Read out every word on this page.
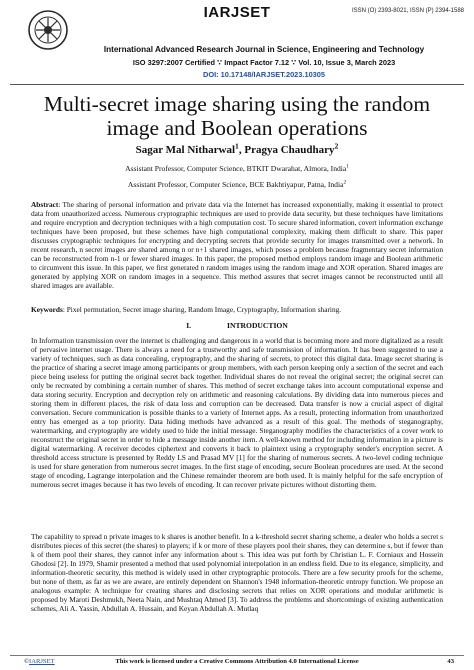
IARJSET	ISSN (O) 2393-8021, ISSN (P) 2394-1588
International Advanced Research Journal in Science, Engineering and Technology
ISO 3297:2007 Certified ∵ Impact Factor 7.12 ∵ Vol. 10, Issue 3, March 2023
DOI: 10.17148/IARJSET.2023.10305
Multi-secret image sharing using the random
image and Boolean operations
Sagar Mal Nitharwal$^1$, Pragya Chaudhary$^2$
Assistant Professor, Computer Science, BTKIT Dwarahat, Almora, India$^1$
Assistant Professor, Computer Science, BCE Bakhtiyapur, Patna, India$^2$
Abstract: The sharing of personal information and private data via the Internet has increased exponentially, making it essential to protect data from unauthorized access. Numerous cryptographic techniques are used to provide data security, but these techniques have limitations and require encryption and decryption techniques with a high computation cost. To secure shared information, covert information exchange techniques have been proposed, but these schemes have high computational complexity, making them difficult to share. This paper discusses cryptographic techniques for encrypting and decrypting secrets that provide security for images transmitted over a network. In recent research, n secret images are shared among n or n+1 shared images, which poses a problem because fragmentary secret information can be reconstructed from n-1 or fewer shared images. In this paper, the proposed method employs random image and Boolean arithmetic to circumvent this issue. In this paper, we first generated n random images using the random image and XOR operation. Shared images are generated by applying XOR on random images in a sequence. This method assures that secret images cannot be reconstructed until all shared images are available.
Keywords: Pixel permutation, Secret image sharing, Random Image, Cryptography, Information sharing.
I.	INTRODUCTION
In Information transmission over the internet is challenging and dangerous in a world that is becoming more and more digitalized as a result of pervasive internet usage. There is always a need for a trustworthy and safe transmission of information. It has been suggested to use a variety of techniques, such as data concealing, cryptography, and the sharing of secrets, to protect this digital data. Image secret sharing is the practice of sharing a secret image among participants or group members, with each person keeping only a section of the secret and each piece being useless for putting the original secret back together. Individual shares do not reveal the original secret; the original secret can only be recreated by combining a certain number of shares. This method of secret exchange takes into account computational expense and data storing security. Encryption and decryption rely on arithmetic and reasoning calculations. By dividing data into numerous pieces and storing them in different places, the risk of data loss and corruption can be decreased. Data transfer is now a crucial aspect of digital conversation. Secure communication is possible thanks to a variety of Internet apps. As a result, protecting information from unauthorized entry has emerged as a top priority. Data hiding methods have advanced as a result of this goal. The methods of steganography, watermarking, and cryptography are widely used to hide the initial message. Steganography modifies the characteristics of a cover work to reconstruct the original secret in order to hide a message inside another item. A well-known method for including information in a picture is digital watermarking. A receiver decodes ciphertext and converts it back to plaintext using a cryptography sender's encryption secret. A threshold access structure is presented by Reddy LS and Prasad MV [1] for the sharing of numerous secrets. A two-level coding technique is used for share generation from numerous secret images. In the first stage of encoding, secure Boolean procedures are used. At the second stage of encoding, Lagrange interpolation and the Chinese remainder theorem are both used. It is mainly helpful for the safe encryption of numerous secret images because it has two levels of encoding. It can recover private pictures without distorting them.
The capability to spread n private images to k shares is another benefit. In a k-threshold secret sharing scheme, a dealer who holds a secret s distributes pieces of this secret (the shares) to players; if k or more of these players pool their shares, they can determine s, but if fewer than k of them pool their shares, they cannot infer any information about s. This idea was put forth by Christian L. F. Corniaux and Hossein Ghodosi [2]. In 1979, Shamir presented a method that used polynomial interpolation in an endless field. Due to its elegance, simplicity, and information-theoretic security, this method is widely used in other cryptographic protocols. There are a few security proofs for the scheme, but none of them, as far as we are aware, are entirely dependent on Shannon's 1948 information-theoretic entropy function. We propose an analogous example: A technique for creating shares and disclosing secrets that relies on XOR operations and modular arithmetic is proposed by Maroti Deshmukh, Neeta Nain, and Mushtaq Ahmed [3]. To address the problems and shortcomings of existing authentication schemes, Ali A. Yassin, Abdullah A. Hussain, and Keyan Abdullah A. Mutlaq
©IARJSET	This work is licensed under a Creative Commons Attribution 4.0 International License	43
